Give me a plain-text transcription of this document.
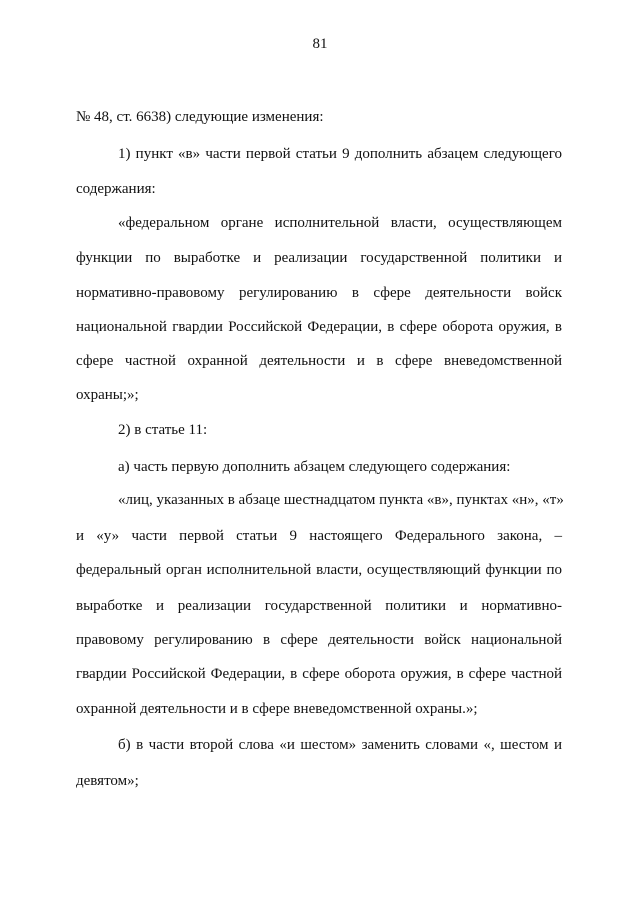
81
№ 48, ст. 6638) следующие изменения:
1) пункт «в» части первой статьи 9 дополнить абзацем следующего
содержания:
«федеральном органе исполнительной власти, осуществляющем
функции по выработке и реализации государственной политики и
нормативно-правовому регулированию в сфере деятельности войск
национальной гвардии Российской Федерации, в сфере оборота оружия, в
сфере частной охранной деятельности и в сфере вневедомственной
охраны;»;
2) в статье 11:
а) часть первую дополнить абзацем следующего содержания:
«лиц, указанных в абзаце шестнадцатом пункта «в», пунктах «н», «т»
и «у» части первой статьи 9 настоящего Федерального закона, –
федеральный орган исполнительной власти, осуществляющий функции по
выработке и реализации государственной политики и нормативно-
правовому регулированию в сфере деятельности войск национальной
гвардии Российской Федерации, в сфере оборота оружия, в сфере частной
охранной деятельности и в сфере вневедомственной охраны.»;
б) в части второй слова «и шестом» заменить словами «, шестом и
девятом»;
